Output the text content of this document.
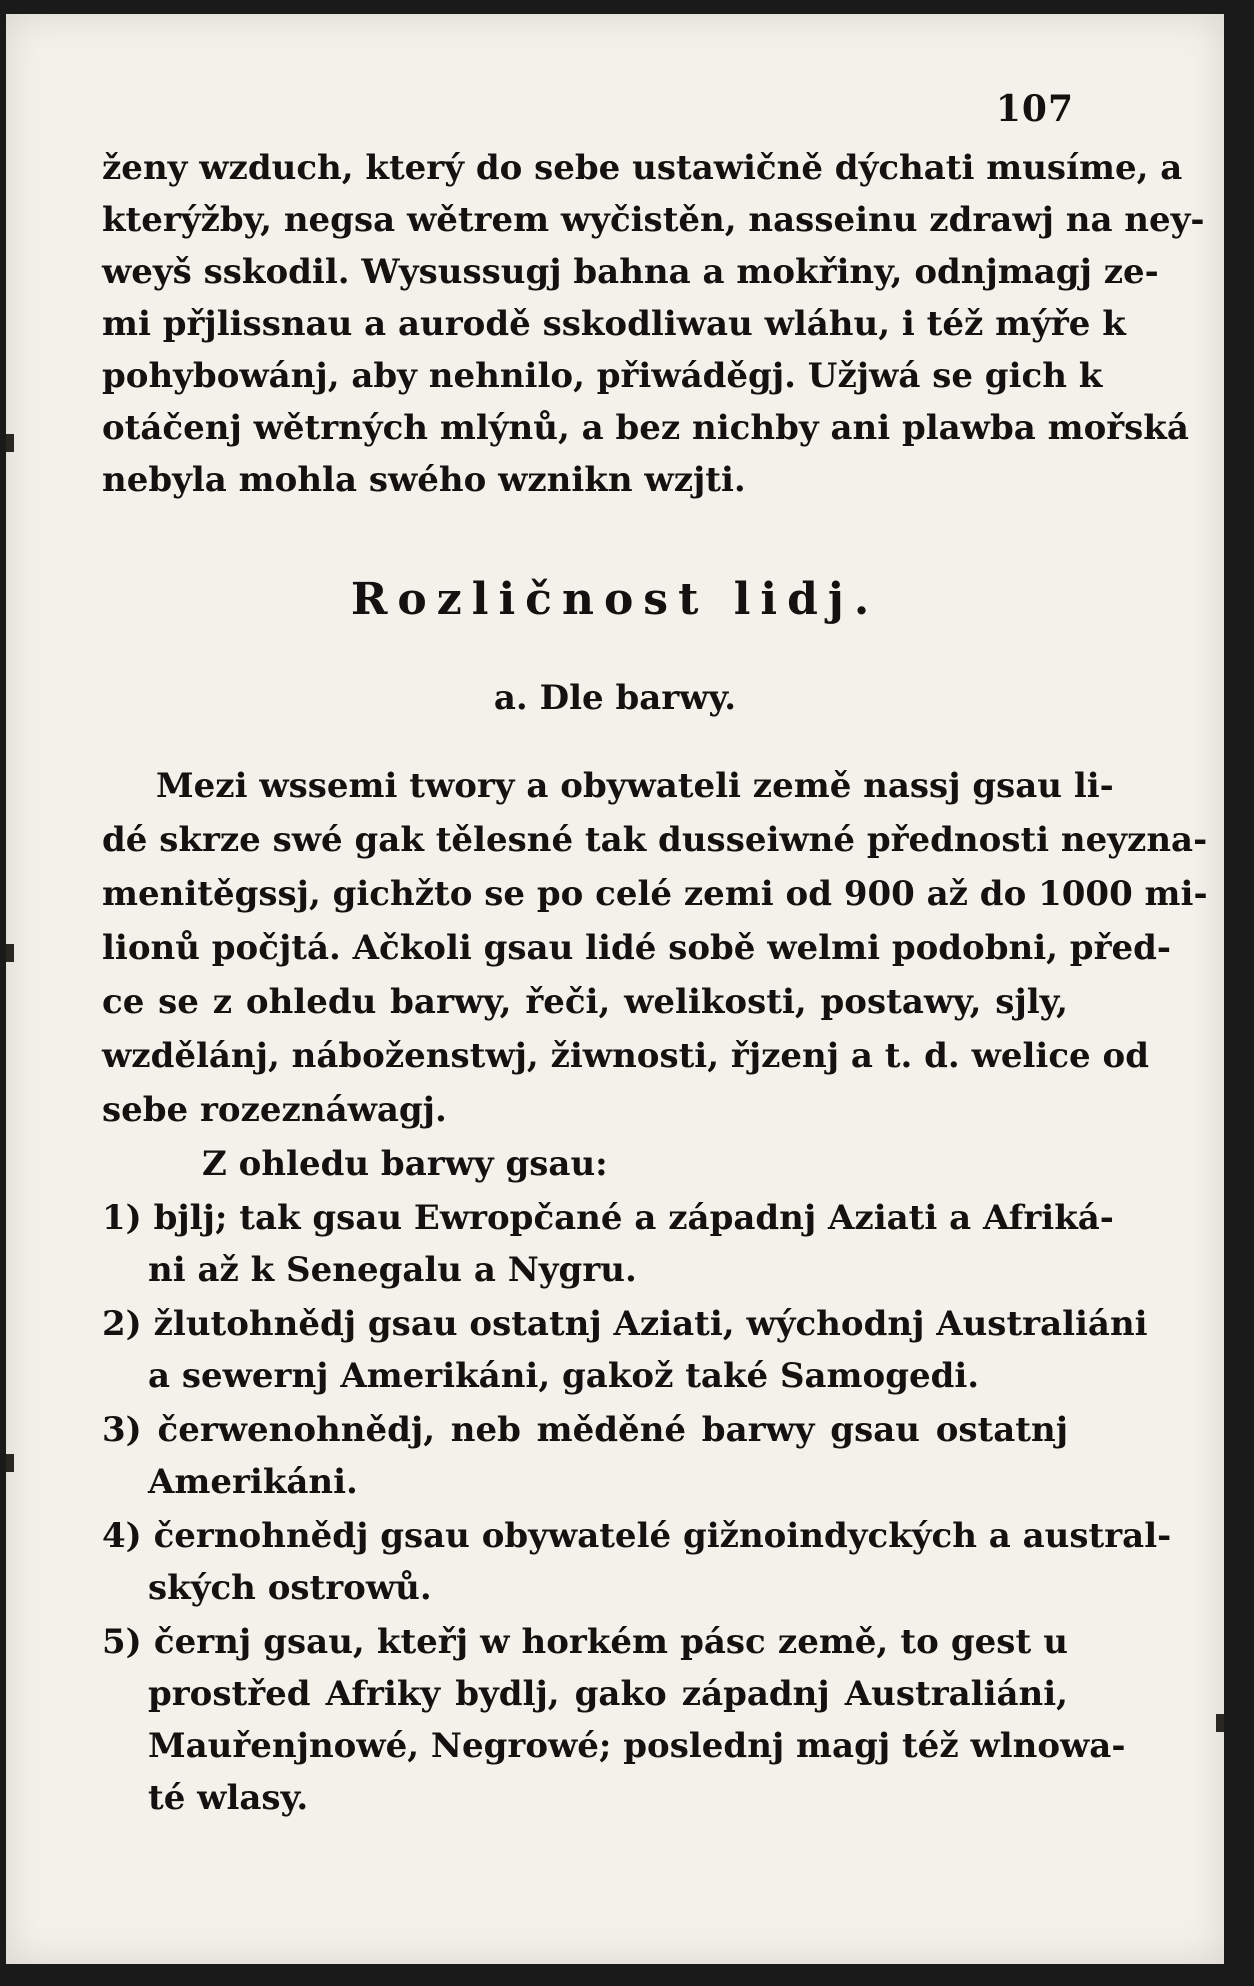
107
ženy wzduch, který do sebe ustawičně dýchati musíme, a
kterýžby, negsa wětrem wyčistěn, nasseinu zdrawj na ney-
weyš sskodil. Wysussugj bahna a mokřiny, odnjmagj ze-
mi přjlissnau a aurodě sskodliwau wláhu, i též mýře k
pohybowánj, aby nehnilo, přiwáděgj. Užjwá se gich k
otáčenj wětrných mlýnů, a bez nichby ani plawba mořská
nebyla mohla swého wznikn wzjti.
Rozličnost lidj.
a. Dle barwy.
Mezi wssemi twory a obywateli země nassj gsau li-
dé skrze swé gak tělesné tak dusseiwné přednosti neyzna-
menitěgssj, gichžto se po celé zemi od 900 až do 1000 mi-
lionů počjtá. Ačkoli gsau lidé sobě welmi podobni, před-
ce se z ohledu barwy, řeči, welikosti, postawy, sjly,
wzdělánj, náboženstwj, žiwnosti, řjzenj a t. d. welice od
sebe rozeznáwagj.
Z ohledu barwy gsau:
1) bjlj; tak gsau Ewropčané a západnj Aziati a Afriká-
ni až k Senegalu a Nygru.
2) žlutohnědj gsau ostatnj Aziati, wýchodnj Australiáni
a sewernj Amerikáni, gakož také Samogedi.
3) čerwenohnědj, neb měděné barwy gsau ostatnj
Amerikáni.
4) černohnědj gsau obywatelé gižnoindyckých a austral-
ských ostrowů.
5) černj gsau, kteřj w horkém pásc země, to gest u
prostřed Afriky bydlj, gako západnj Australiáni,
Mauřenjnowé, Negrowé; poslednj magj též wlnowa-
té wlasy.
